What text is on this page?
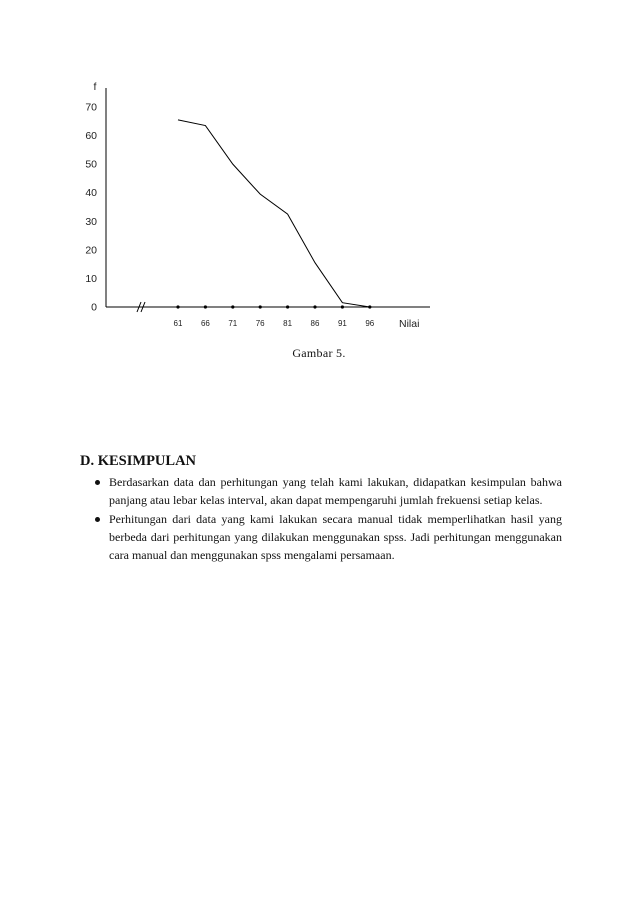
f
Nilai
0
10
20
30
40
50
60
70
61 66 71 76 81 86 91 96
Gambar 5.
D. KESIMPULAN
Berdasarkan data dan perhitungan yang telah kami lakukan, didapatkan kesimpulan bahwa panjang atau lebar kelas interval, akan dapat mempengaruhi jumlah frekuensi setiap kelas.
Perhitungan dari data yang kami lakukan secara manual tidak memperlihatkan hasil yang berbeda dari perhitungan yang dilakukan menggunakan spss. Jadi perhitungan menggunakan cara manual dan menggunakan spss mengalami persamaan.
